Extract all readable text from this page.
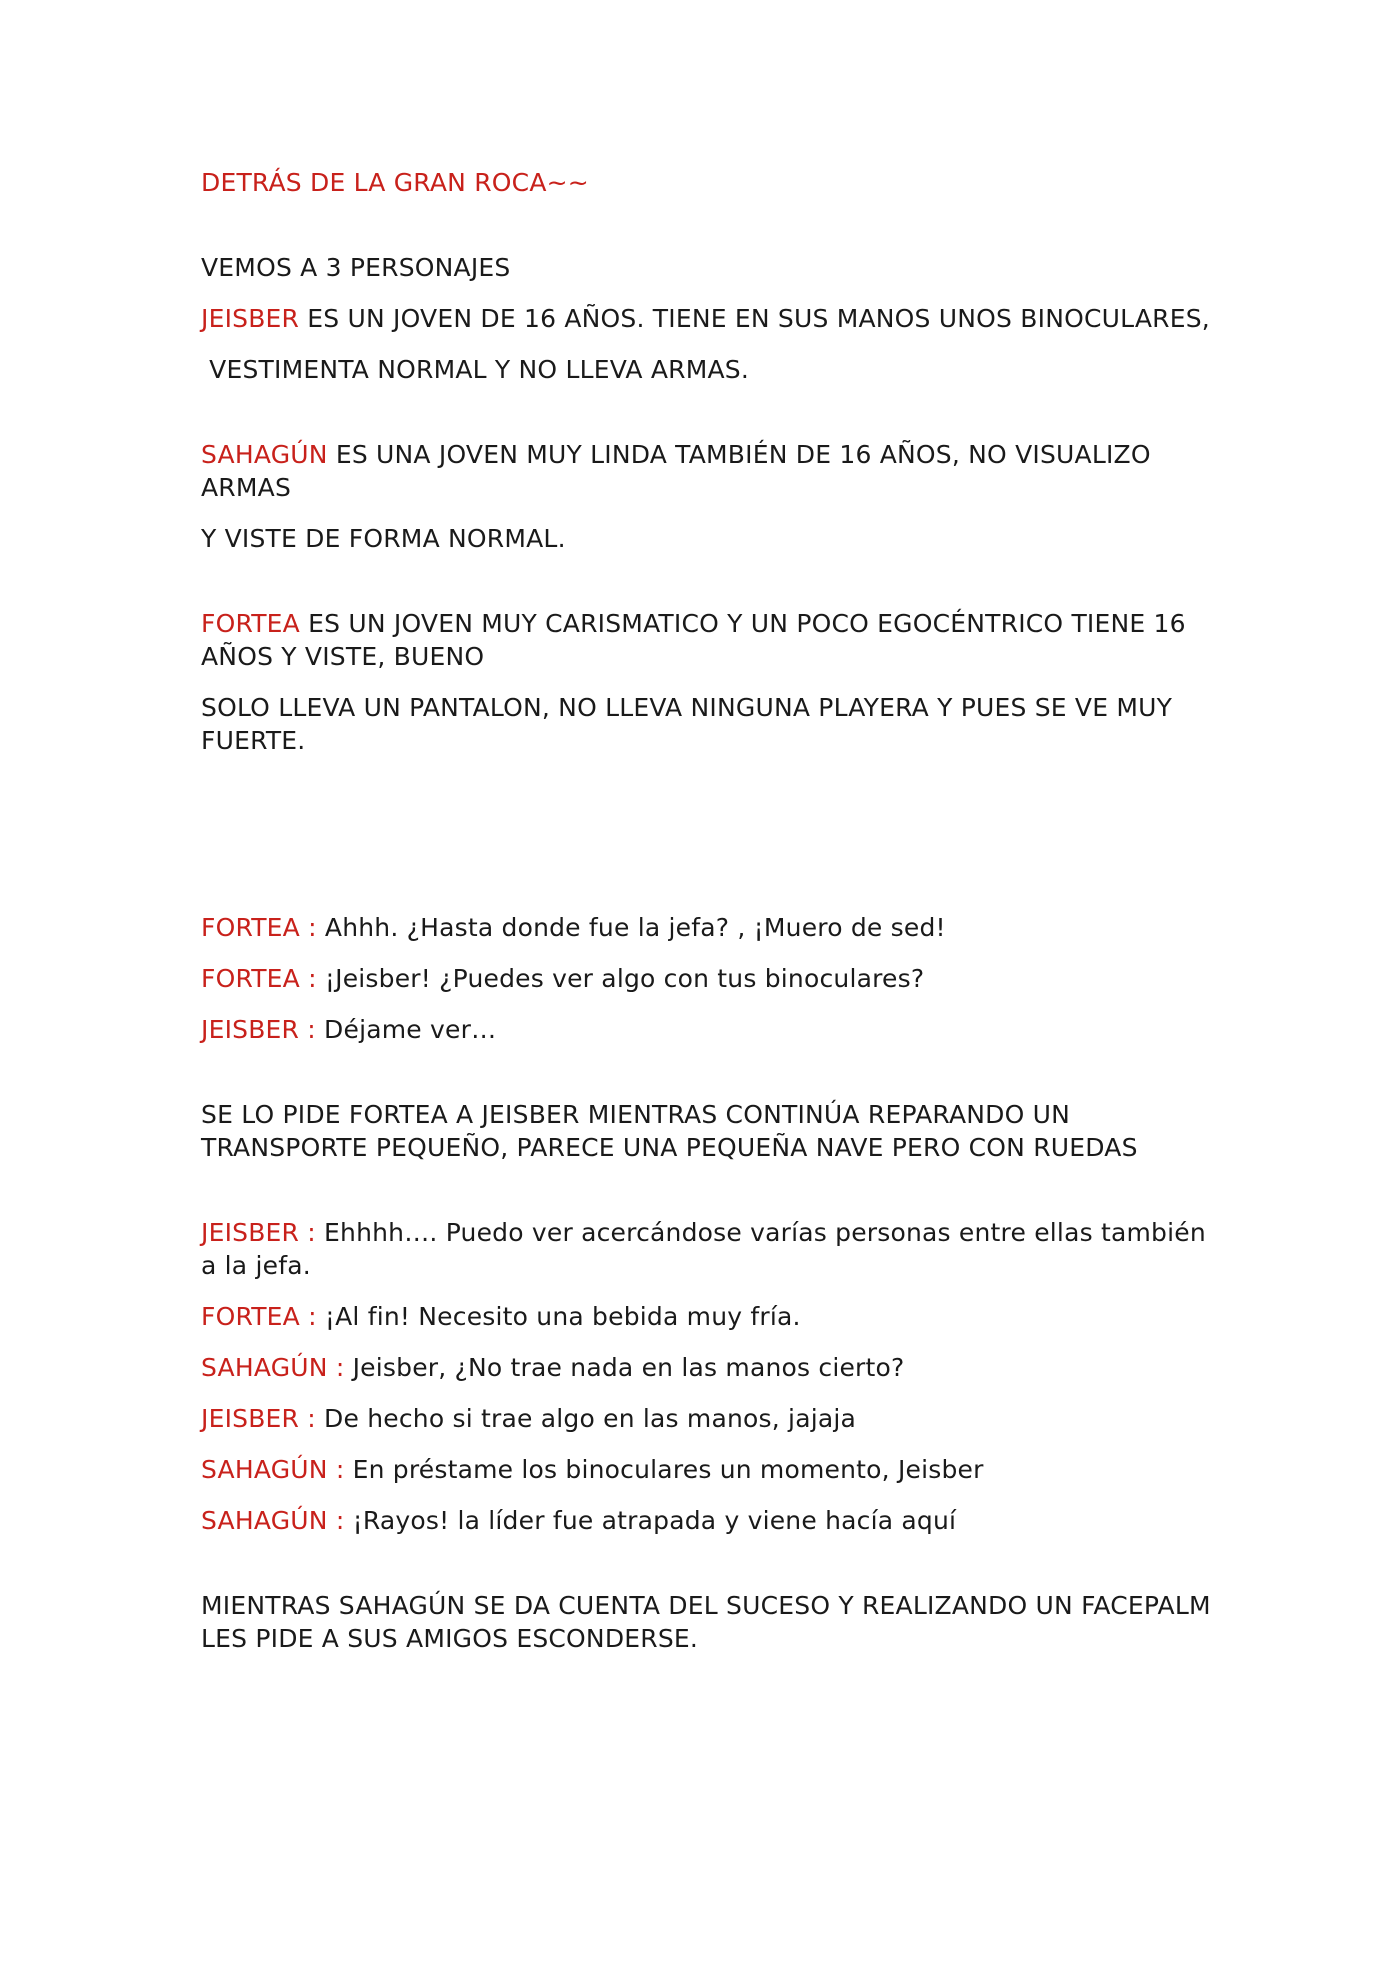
DETRÁS DE LA GRAN ROCA~~

VEMOS A 3 PERSONAJES

JEISBER ES UN JOVEN DE 16 AÑOS. TIENE EN SUS MANOS UNOS BINOCULARES,

VESTIMENTA NORMAL Y NO LLEVA ARMAS.

SAHAGÚN ES UNA JOVEN MUY LINDA TAMBIÉN DE 16 AÑOS, NO VISUALIZO ARMAS

Y VISTE DE FORMA NORMAL.

FORTEA ES UN JOVEN MUY CARISMATICO Y UN POCO EGOCÉNTRICO TIENE 16 AÑOS Y VISTE, BUENO

SOLO LLEVA UN PANTALON, NO LLEVA NINGUNA PLAYERA Y PUES SE VE MUY FUERTE.

FORTEA : Ahhh. ¿Hasta donde fue la jefa? , ¡Muero de sed!

FORTEA : ¡Jeisber! ¿Puedes ver algo con tus binoculares?

JEISBER : Déjame ver…

SE LO PIDE FORTEA A JEISBER MIENTRAS CONTINÚA REPARANDO UN TRANSPORTE PEQUEÑO, PARECE UNA PEQUEÑA NAVE PERO CON RUEDAS

JEISBER : Ehhhh…. Puedo ver acercándose varías personas entre ellas también a la jefa.

FORTEA : ¡Al fin! Necesito una bebida muy fría.

SAHAGÚN : Jeisber, ¿No trae nada en las manos cierto?

JEISBER : De hecho si trae algo en las manos, jajaja

SAHAGÚN : En préstame los binoculares un momento, Jeisber

SAHAGÚN : ¡Rayos! la líder fue atrapada y viene hacía aquí

MIENTRAS SAHAGÚN SE DA CUENTA DEL SUCESO Y REALIZANDO UN FACEPALM LES PIDE A SUS AMIGOS ESCONDERSE.
